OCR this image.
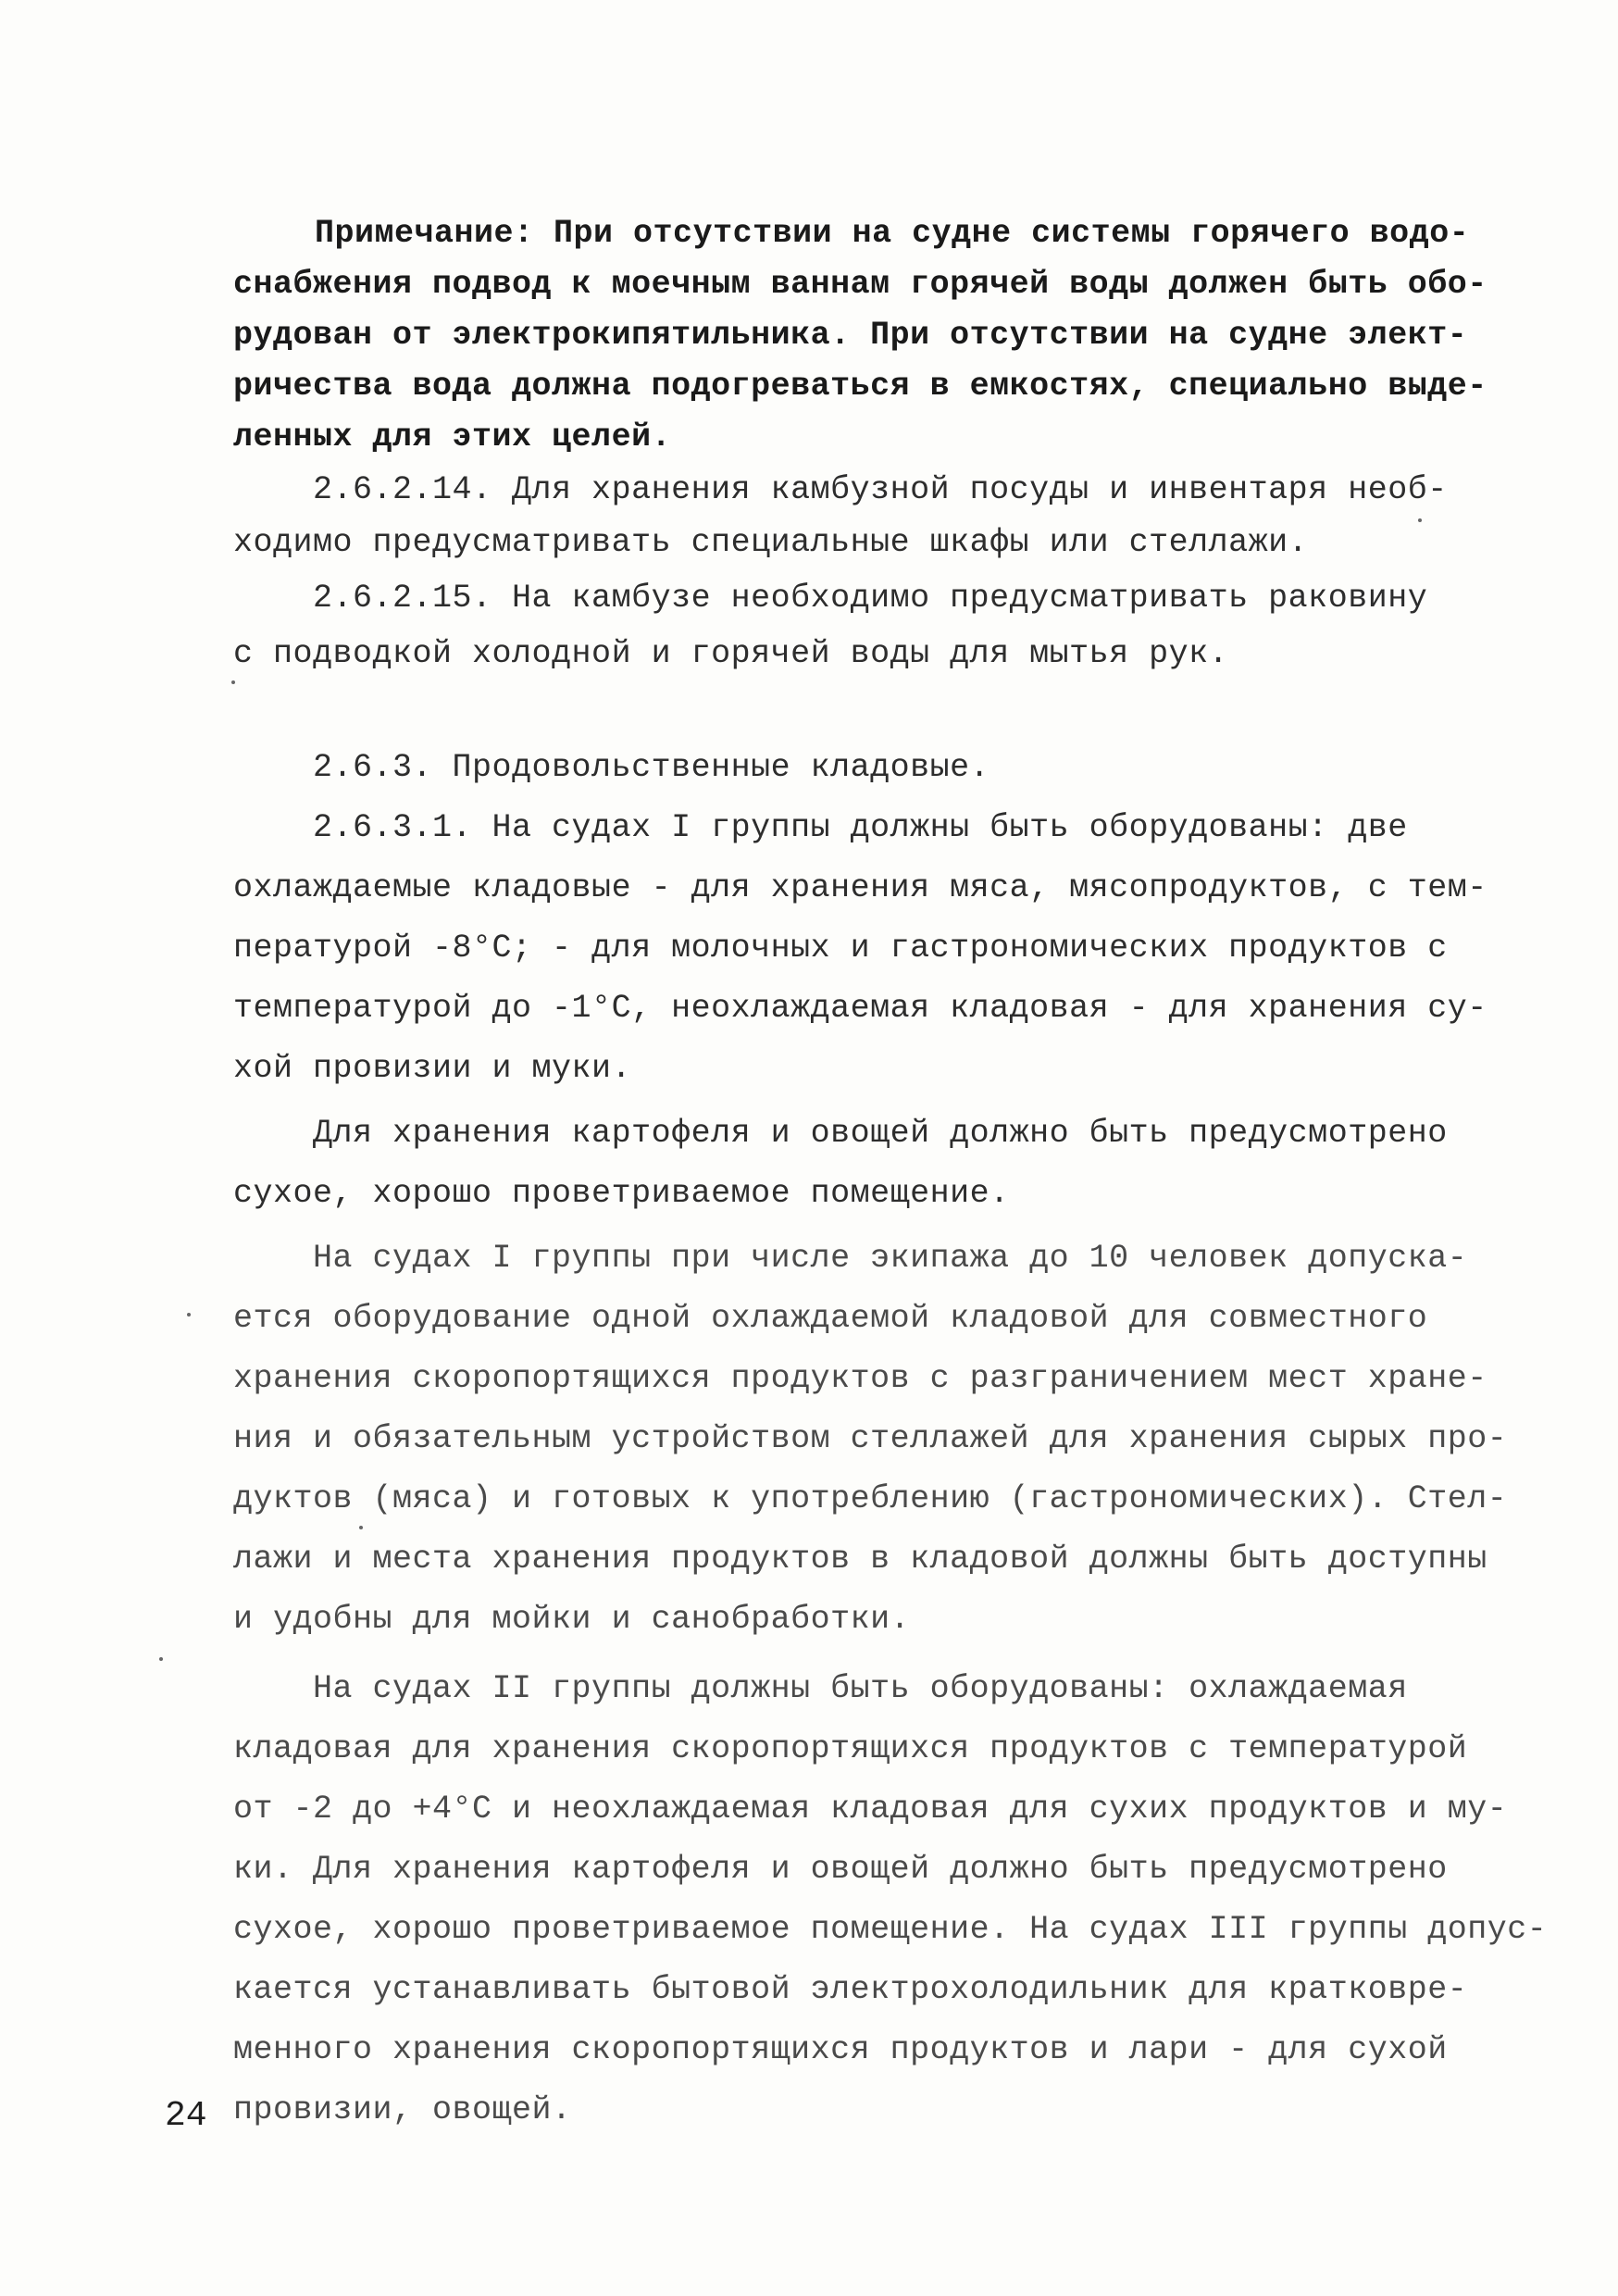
Примечание: При отсутствии на судне системы горячего водо-
снабжения подвод к моечным ваннам горячей воды должен быть обо-
рудован от электрокипятильника. При отсутствии на судне элект-
ричества вода должна подогреваться в емкостях, специально выде-
ленных для этих целей.
2.6.2.14. Для хранения камбузной посуды и инвентаря необ-
ходимо предусматривать специальные шкафы или стеллажи.
2.6.2.15. На камбузе необходимо предусматривать раковину
с подводкой холодной и горячей воды для мытья рук.
2.6.3. Продовольственные кладовые.
2.6.3.1. На судах I группы должны быть оборудованы: две
охлаждаемые кладовые - для хранения мяса, мясопродуктов, с тем-
пературой -8°С; - для молочных и гастрономических продуктов с
температурой до -1°С, неохлаждаемая кладовая - для хранения су-
хой провизии и муки.
Для хранения картофеля и овощей должно быть предусмотрено
сухое, хорошо проветриваемое помещение.
На судах I группы при числе экипажа до 10 человек допуска-
ется оборудование одной охлаждаемой кладовой для совместного
хранения скоропортящихся продуктов с разграничением мест хране-
ния и обязательным устройством стеллажей для хранения сырых про-
дуктов (мяса) и готовых к употреблению (гастрономических). Стел-
лажи и места хранения продуктов в кладовой должны быть доступны
и удобны для мойки и санобработки.
На судах II группы должны быть оборудованы: охлаждаемая
кладовая для хранения скоропортящихся продуктов с температурой
от -2 до +4°С и неохлаждаемая кладовая для сухих продуктов и му-
ки. Для хранения картофеля и овощей должно быть предусмотрено
сухое, хорошо проветриваемое помещение. На судах III группы допус-
кается устанавливать бытовой электрохолодильник для кратковре-
менного хранения скоропортящихся продуктов и лари - для сухой
провизии, овощей.
24
